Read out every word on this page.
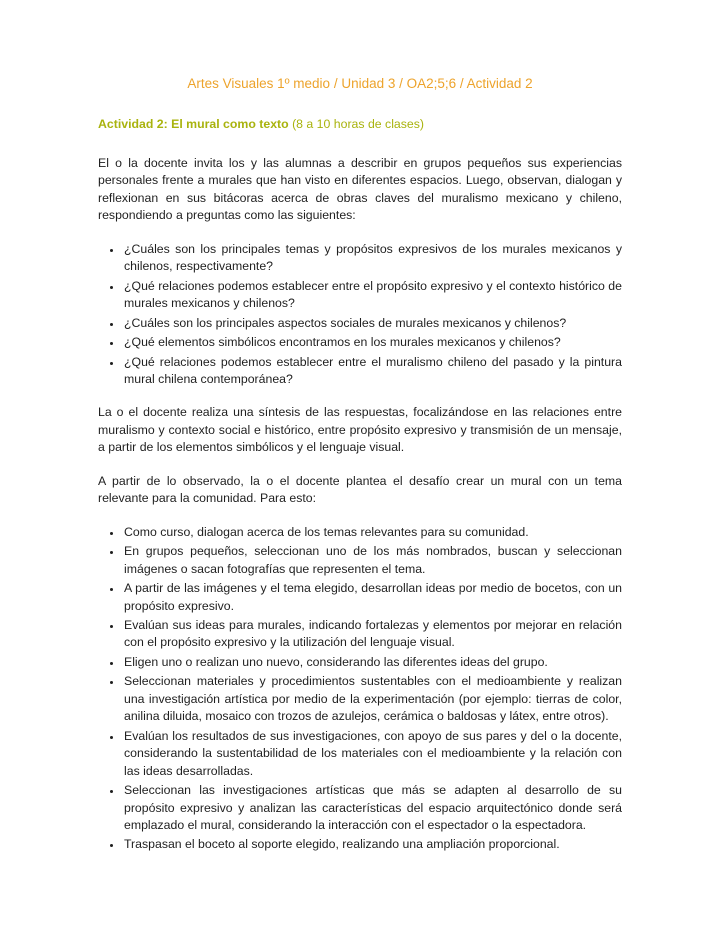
Artes Visuales 1º medio / Unidad 3 / OA2;5;6 / Actividad 2
Actividad 2: El mural como texto (8 a 10 horas de clases)

El o la docente invita los y las alumnas a describir en grupos pequeños sus experiencias personales frente a murales que han visto en diferentes espacios. Luego, observan, dialogan y reflexionan en sus bitácoras acerca de obras claves del muralismo mexicano y chileno, respondiendo a preguntas como las siguientes:

• ¿Cuáles son los principales temas y propósitos expresivos de los murales mexicanos y chilenos, respectivamente?
• ¿Qué relaciones podemos establecer entre el propósito expresivo y el contexto histórico de murales mexicanos y chilenos?
• ¿Cuáles son los principales aspectos sociales de murales mexicanos y chilenos?
• ¿Qué elementos simbólicos encontramos en los murales mexicanos y chilenos?
• ¿Qué relaciones podemos establecer entre el muralismo chileno del pasado y la pintura mural chilena contemporánea?

La o el docente realiza una síntesis de las respuestas, focalizándose en las relaciones entre muralismo y contexto social e histórico, entre propósito expresivo y transmisión de un mensaje, a partir de los elementos simbólicos y el lenguaje visual.

A partir de lo observado, la o el docente plantea el desafío crear un mural con un tema relevante para la comunidad. Para esto:

• Como curso, dialogan acerca de los temas relevantes para su comunidad.
• En grupos pequeños, seleccionan uno de los más nombrados, buscan y seleccionan imágenes o sacan fotografías que representen el tema.
• A partir de las imágenes y el tema elegido, desarrollan ideas por medio de bocetos, con un propósito expresivo.
• Evalúan sus ideas para murales, indicando fortalezas y elementos por mejorar en relación con el propósito expresivo y la utilización del lenguaje visual.
• Eligen uno o realizan uno nuevo, considerando las diferentes ideas del grupo.
• Seleccionan materiales y procedimientos sustentables con el medioambiente y realizan una investigación artística por medio de la experimentación (por ejemplo: tierras de color, anilina diluida, mosaico con trozos de azulejos, cerámica o baldosas y látex, entre otros).
• Evalúan los resultados de sus investigaciones, con apoyo de sus pares y del o la docente, considerando la sustentabilidad de los materiales con el medioambiente y la relación con las ideas desarrolladas.
• Seleccionan las investigaciones artísticas que más se adapten al desarrollo de su propósito expresivo y analizan las características del espacio arquitectónico donde será emplazado el mural, considerando la interacción con el espectador o la espectadora.
• Traspasan el boceto al soporte elegido, realizando una ampliación proporcional.
